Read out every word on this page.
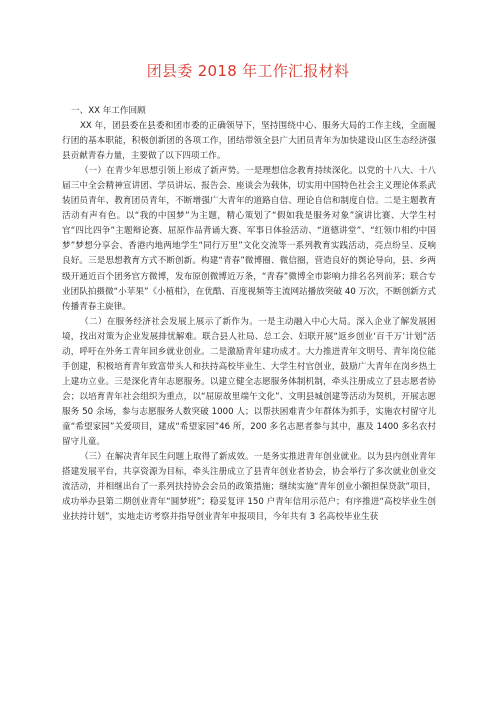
团县委 2018 年工作汇报材料

一、XX 年工作回顾

XX 年，团县委在县委和团市委的正确领导下，坚持围绕中心、服务大局的工作主线，全面履行团的基本职能，积极创新团的各项工作，团结带领全县广大团员青年为加快建设山区生态经济强县贡献青春力量，主要做了以下四项工作。

（一）在青少年思想引领上形成了新声势。一是理想信念教育持续深化。以党的十八大、十八届三中全会精神宣讲团、学员讲坛、报告会、座谈会为载体，切实用中国特色社会主义理论体系武装团员青年、教育团员青年，不断增强广大青年的道路自信、理论自信和制度自信。二是主题教育活动有声有色。以“我的中国梦”为主题，精心策划了“假如我是服务对象”演讲比赛、大学生村官“四比四争”主题辩论赛、屈原作品背诵大赛、军事日体验活动、“道德讲堂”、“红领巾相约中国梦”梦想分享会、香港内地两地学生“同行万里”文化交流等一系列教育实践活动，亮点纷呈、反响良好。三是思想教育方式不断创新。构建“青春”微博圈、微信圈，营造良好的舆论导向，县、乡两级开通近百个团务官方微博，发布原创微博近万条，“青春”微博全市影响力排名名列前茅；联合专业团队拍摄微“小苹果”《小植柑》，在优酷、百度视频等主流网站播放突破 40 万次，不断创新方式传播青春主旋律。

（二）在服务经济社会发展上展示了新作为。一是主动融入中心大局。深入企业了解发展困境，找出对策为企业发展排忧解难。联合县人社局、总工会、妇联开展“返乡创业‘百千万’计划”活动，呼吁在外务工青年回乡就业创业。二是激励青年建功成才。大力推进青年文明号、青年岗位能手创建，积极培育青年致富带头人和扶持高校毕业生、大学生村官创业，鼓励广大青年在岗乡热土上建功立业。三是深化青年志愿服务。以建立健全志愿服务体制机制，牵头注册成立了县志愿者协会；以培育青年社会组织为重点，以“屈原故里端午文化”、文明县城创建等活动为契机，开展志愿服务 50 余场，参与志愿服务人数突破 1000 人；以帮扶困难青少年群体为抓手，实施农村留守儿童“希望家园”关爱项目，建成“希望家园”46 所，200 多名志愿者参与其中，惠及 1400 多名农村留守儿童。

（三）在解决青年民生问题上取得了新成效。一是务实推进青年创业就业。以为县内创业青年搭建发展平台，共享资源为目标，牵头注册成立了县青年创业者协会，协会举行了多次就业创业交流活动，并相继出台了一系列扶持协会会员的政策措施；继续实施“青年创业小额担保贷款”项目，成功举办县第二期创业青年“圆梦班”；稳妥复评 150 户青年信用示范户；有序推进“高校毕业生创业扶持计划”，实地走访考察并指导创业青年申报项目，今年共有 3 名高校毕业生获
